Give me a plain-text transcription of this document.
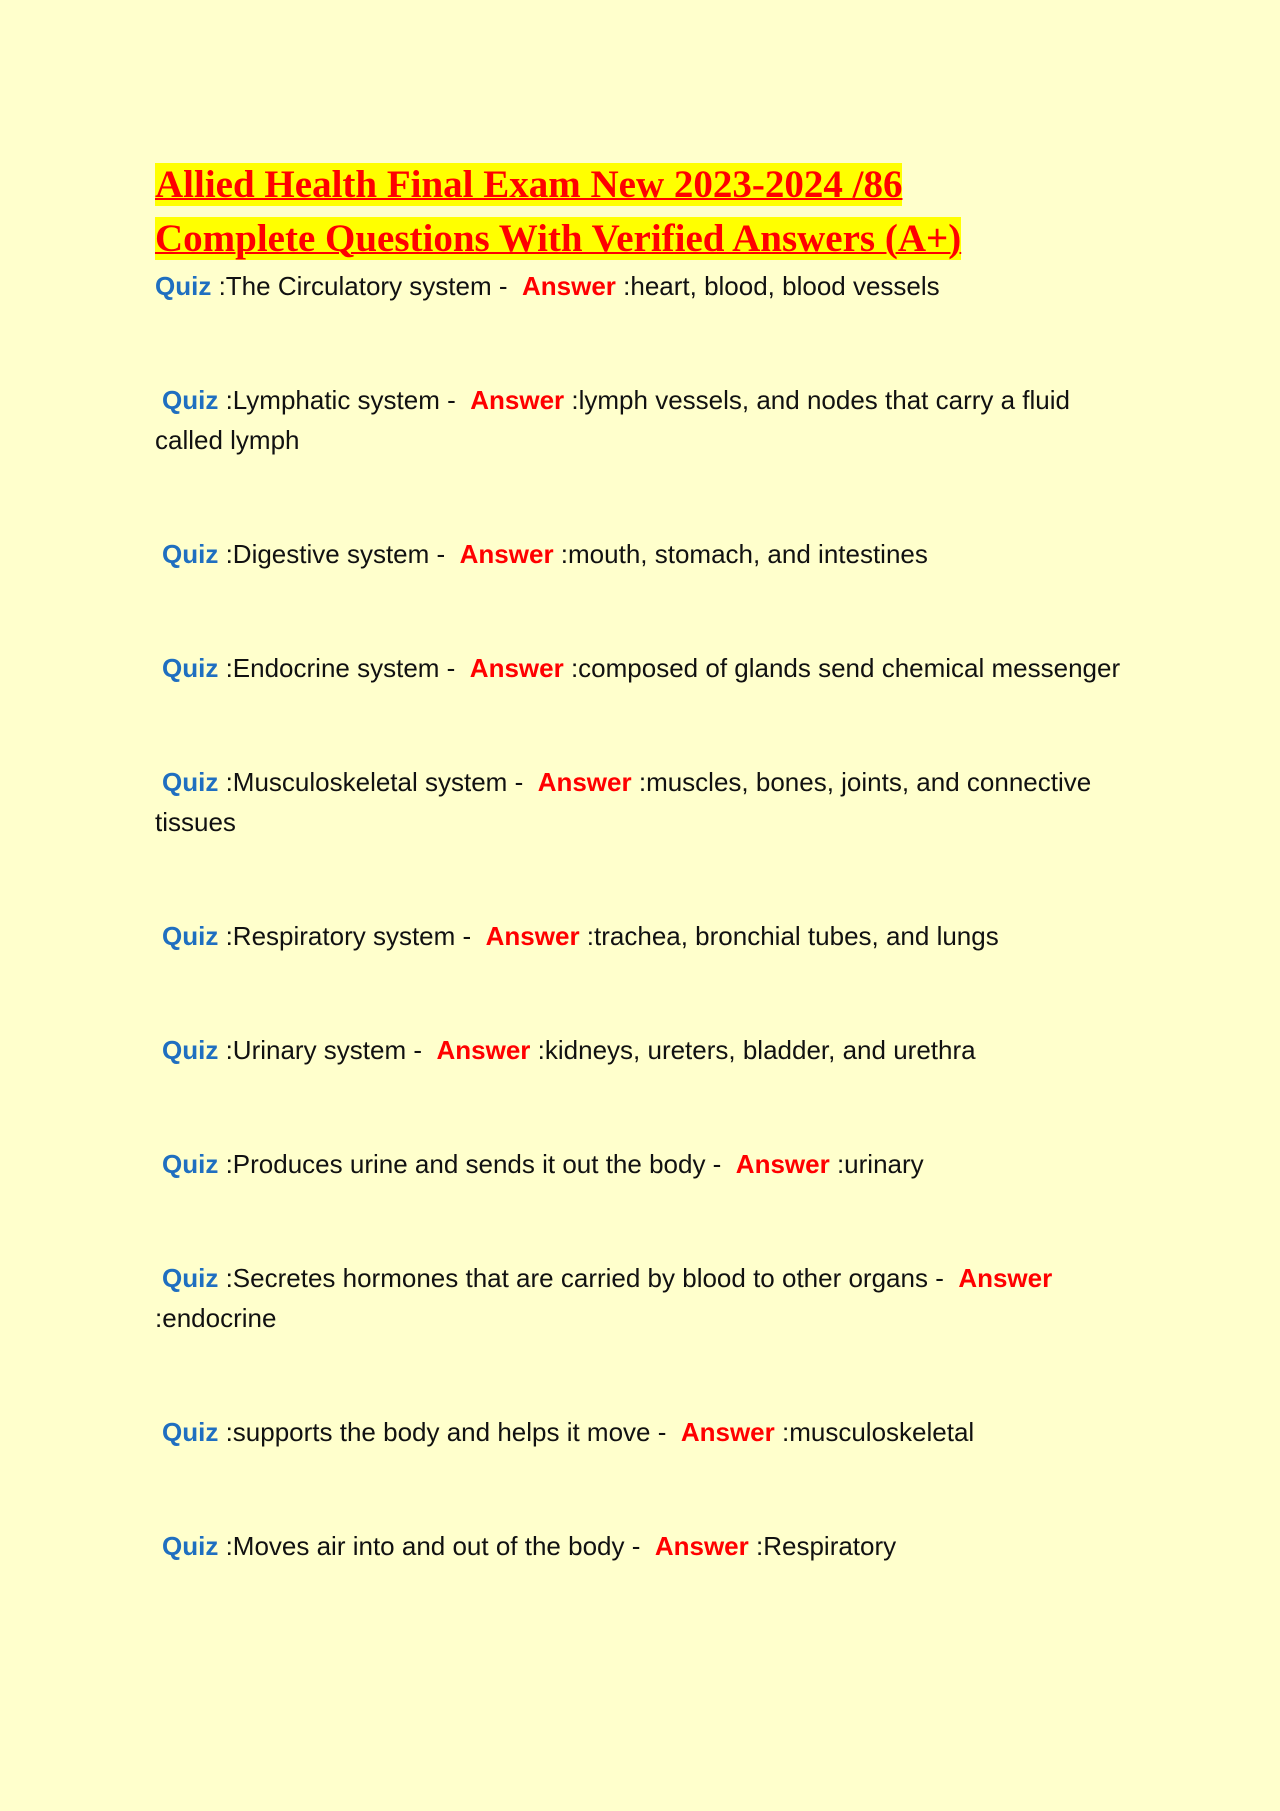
Allied Health Final Exam New 2023-2024 /86
Complete Questions With Verified Answers (A+)

Quiz :The Circulatory system -  Answer :heart, blood, blood vessels

Quiz :Lymphatic system -  Answer :lymph vessels, and nodes that carry a fluid called lymph

Quiz :Digestive system -  Answer :mouth, stomach, and intestines

Quiz :Endocrine system -  Answer :composed of glands send chemical messenger

Quiz :Musculoskeletal system -  Answer :muscles, bones, joints, and connective tissues

Quiz :Respiratory system -  Answer :trachea, bronchial tubes, and lungs

Quiz :Urinary system -  Answer :kidneys, ureters, bladder, and urethra

Quiz :Produces urine and sends it out the body -  Answer :urinary

Quiz :Secretes hormones that are carried by blood to other organs -  Answer :endocrine

Quiz :supports the body and helps it move -  Answer :musculoskeletal

Quiz :Moves air into and out of the body -  Answer :Respiratory
